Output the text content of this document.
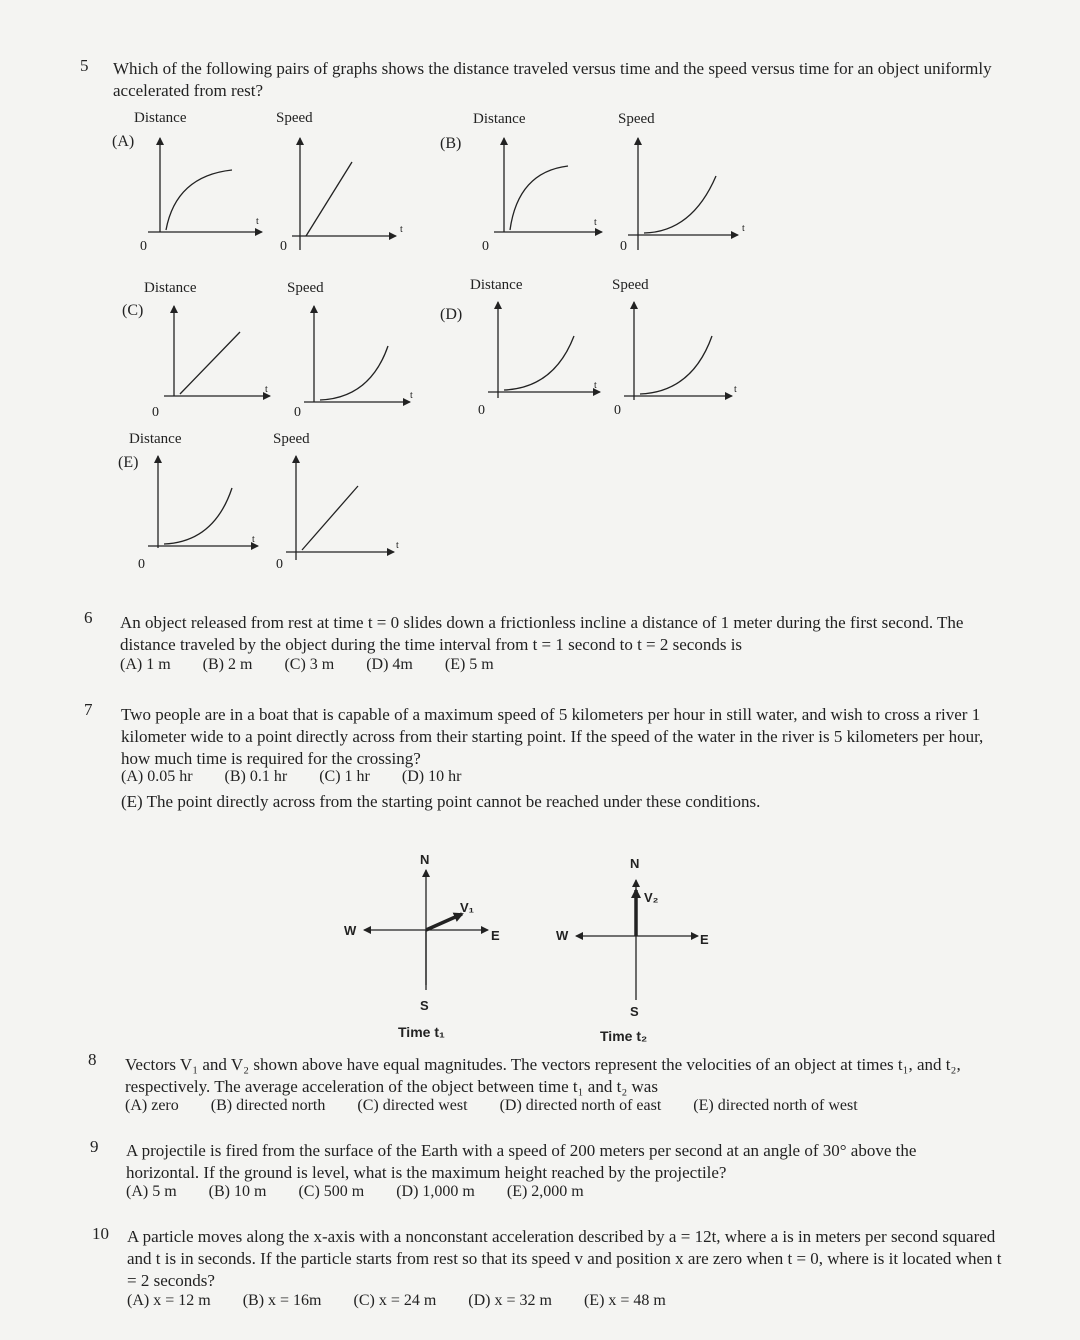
5 Which of the following pairs of graphs shows the distance traveled versus time and the speed versus time for an object uniformly accelerated from rest?
Distance	Speed	Distance	Speed
(A)	(B)
Distance	Speed	Distance	Speed
(C)	(D)
Distance	Speed
(E)
0
t
0
t
0
t
0
t
0
t
0
t
0
t
0
t
0
t
0
t
6 An object released from rest at time t = 0 slides down a frictionless incline a distance of 1 meter during the first second. The distance traveled by the object during the time interval from t = 1 second to t = 2 seconds is
(A) 1 m (B) 2 m (C) 3 m (D) 4m (E) 5 m
7 Two people are in a boat that is capable of a maximum speed of 5 kilometers per hour in still water, and wish to cross a river 1 kilometer wide to a point directly across from their starting point. If the speed of the water in the river is 5 kilometers per hour, how much time is required for the crossing?
(A) 0.05 hr (B) 0.1 hr (C) 1 hr (D) 10 hr
(E) The point directly across from the starting point cannot be reached under these conditions.
N
S
E
W
V₁
N
S
E
W
V₂
Time t₁	Time t₂
8 Vectors V₁ and V₂ shown above have equal magnitudes. The vectors represent the velocities of an object at times t₁, and t₂, respectively. The average acceleration of the object between time t₁ and t₂ was
(A) zero (B) directed north (C) directed west (D) directed north of east (E) directed north of west
9 A projectile is fired from the surface of the Earth with a speed of 200 meters per second at an angle of 30° above the horizontal. If the ground is level, what is the maximum height reached by the projectile?
(A) 5 m (B) 10 m (C) 500 m (D) 1,000 m (E) 2,000 m
10 A particle moves along the x-axis with a nonconstant acceleration described by a = 12t, where a is in meters per second squared and t is in seconds. If the particle starts from rest so that its speed v and position x are zero when t = 0, where is it located when t = 2 seconds?
(A) x = 12 m (B) x = 16m (C) x = 24 m (D) x = 32 m (E) x = 48 m
